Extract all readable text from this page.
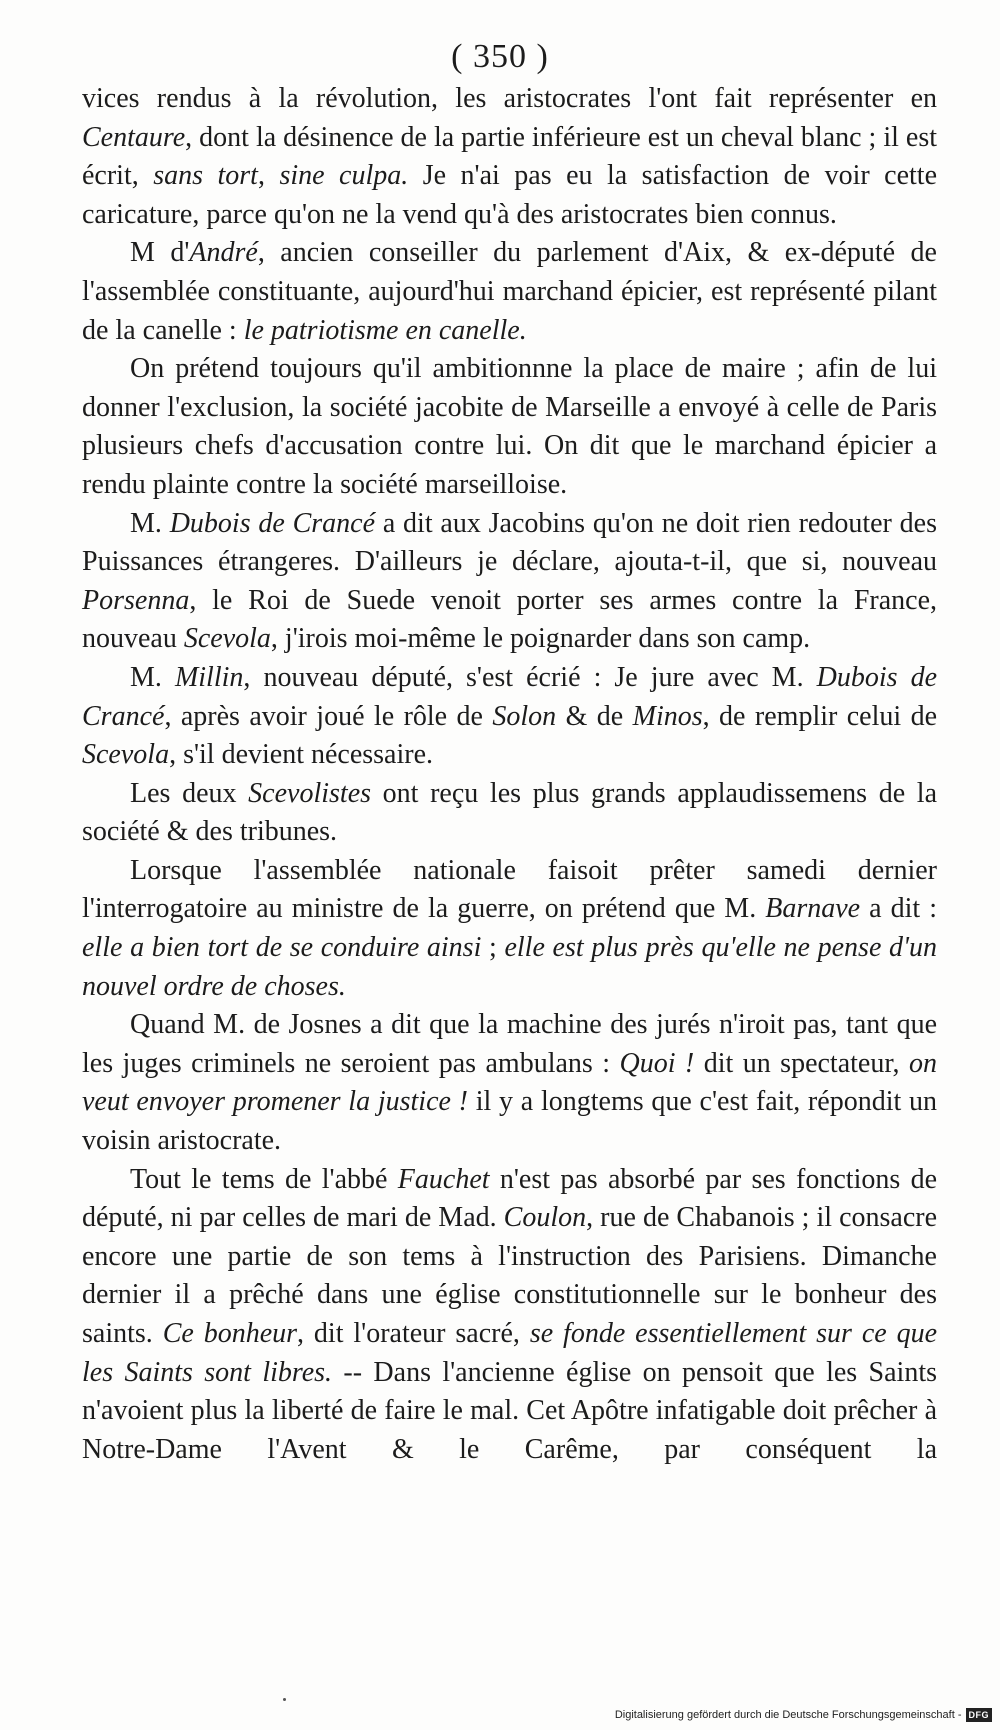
( 350 )

vices rendus à la révolution, les aristocrates l'ont fait représenter en Centaure, dont la désinence de la partie inférieure est un cheval blanc ; il est écrit, sans tort, sine culpa. Je n'ai pas eu la satisfaction de voir cette caricature, parce qu'on ne la vend qu'à des aristocrates bien connus.

M d'André, ancien conseiller du parlement d'Aix, & ex-député de l'assemblée constituante, aujourd'hui marchand épicier, est représenté pilant de la canelle : le patriotisme en canelle.

On prétend toujours qu'il ambitionnne la place de maire ; afin de lui donner l'exclusion, la société jacobite de Marseille a envoyé à celle de Paris plusieurs chefs d'accusation contre lui. On dit que le marchand épicier a rendu plainte contre la société marseilloise.

M. Dubois de Crancé a dit aux Jacobins qu'on ne doit rien redouter des Puissances étrangeres. D'ailleurs je déclare, ajouta-t-il, que si, nouveau Porsenna, le Roi de Suede venoit porter ses armes contre la France, nouveau Scevola, j'irois moi-même le poignarder dans son camp.

M. Millin, nouveau député, s'est écrié : Je jure avec M. Dubois de Crancé, après avoir joué le rôle de Solon & de Minos, de remplir celui de Scevola, s'il devient nécessaire.

Les deux Scevolistes ont reçu les plus grands applaudissemens de la société & des tribunes.

Lorsque l'assemblée nationale faisoit prêter samedi dernier l'interrogatoire au ministre de la guerre, on prétend que M. Barnave a dit : elle a bien tort de se conduire ainsi ; elle est plus près qu'elle ne pense d'un nouvel ordre de choses.

Quand M. de Josnes a dit que la machine des jurés n'iroit pas, tant que les juges criminels ne seroient pas ambulans : Quoi ! dit un spectateur, on veut envoyer promener la justice ! il y a longtems que c'est fait, répondit un voisin aristocrate.

Tout le tems de l'abbé Fauchet n'est pas absorbé par ses fonctions de député, ni par celles de mari de Mad. Coulon, rue de Chabanois ; il consacre encore une partie de son tems à l'instruction des Parisiens. Dimanche dernier il a prêché dans une église constitutionnelle sur le bonheur des saints. Ce bonheur, dit l'orateur sacré, se fonde essentiellement sur ce que les Saints sont libres. -- Dans l'ancienne église on pensoit que les Saints n'avoient plus la liberté de faire le mal. Cet Apôtre infatigable doit prêcher à Notre-Dame l'Avent & le Carême, par conséquent la

Digitalisierung gefördert durch die Deutsche Forschungsgemeinschaft - DFG
